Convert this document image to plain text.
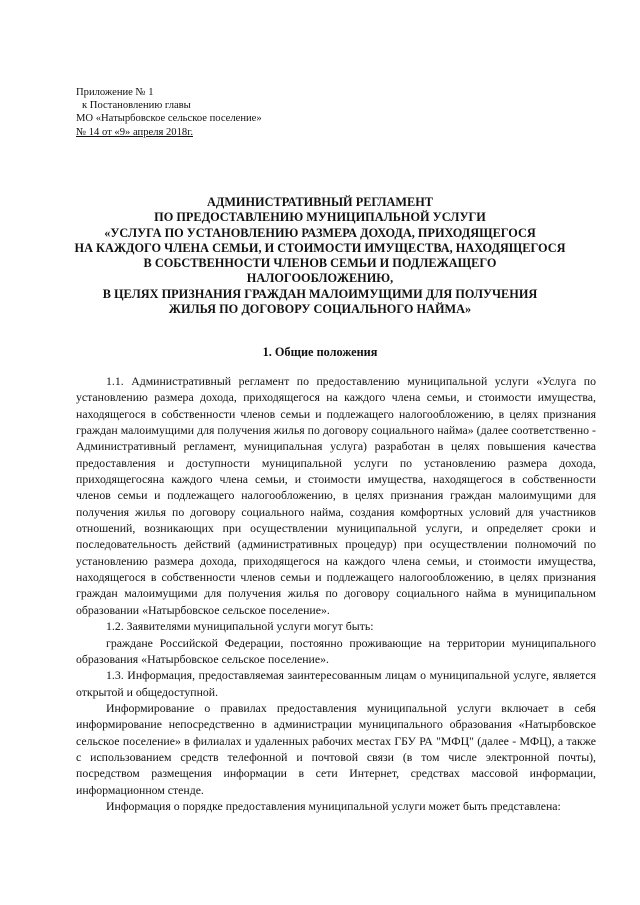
Приложение № 1
к Постановлению главы
МО «Натырбовское сельское поселение»
№ 14 от «9» апреля 2018г.
АДМИНИСТРАТИВНЫЙ РЕГЛАМЕНТ
ПО ПРЕДОСТАВЛЕНИЮ МУНИЦИПАЛЬНОЙ УСЛУГИ
«УСЛУГА ПО УСТАНОВЛЕНИЮ РАЗМЕРА ДОХОДА, ПРИХОДЯЩЕГОСЯ
НА КАЖДОГО ЧЛЕНА СЕМЬИ, И СТОИМОСТИ ИМУЩЕСТВА, НАХОДЯЩЕГОСЯ
В СОБСТВЕННОСТИ ЧЛЕНОВ СЕМЬИ И ПОДЛЕЖАЩЕГО
НАЛОГООБЛОЖЕНИЮ,
В ЦЕЛЯХ ПРИЗНАНИЯ ГРАЖДАН МАЛОИМУЩИМИ ДЛЯ ПОЛУЧЕНИЯ
ЖИЛЬЯ ПО ДОГОВОРУ СОЦИАЛЬНОГО НАЙМА»
1. Общие положения

1.1. Административный регламент по предоставлению муниципальной услуги «Услуга по установлению размера дохода, приходящегося на каждого члена семьи, и стоимости имущества, находящегося в собственности членов семьи и подлежащего налогообложению, в целях признания граждан малоимущими для получения жилья по договору социального найма» (далее соответственно - Административный регламент, муниципальная услуга) разработан в целях повышения качества предоставления и доступности муниципальной услуги по установлению размера дохода, приходящегосяна каждого члена семьи, и стоимости имущества, находящегося в собственности членов семьи и подлежащего налогообложению, в целях признания граждан малоимущими для получения жилья по договору социального найма, создания комфортных условий для участников отношений, возникающих при осуществлении муниципальной услуги, и определяет сроки и последовательность действий (административных процедур) при осуществлении полномочий по установлению размера дохода, приходящегося на каждого члена семьи, и стоимости имущества, находящегося в собственности членов семьи и подлежащего налогообложению, в целях признания граждан малоимущими для получения жилья по договору социального найма в муниципальном образовании «Натырбовское сельское поселение».

1.2. Заявителями муниципальной услуги могут быть:

граждане Российской Федерации, постоянно проживающие на территории муниципального образования «Натырбовское сельское поселение».

1.3. Информация, предоставляемая заинтересованным лицам о муниципальной услуге, является открытой и общедоступной.

Информирование о правилах предоставления муниципальной услуги включает в себя информирование непосредственно в администрации муниципального образования «Натырбовское сельское поселение» в филиалах и удаленных рабочих местах ГБУ РА "МФЦ" (далее - МФЦ), а также с использованием средств телефонной и почтовой связи (в том числе электронной почты), посредством размещения информации в сети Интернет, средствах массовой информации, информационном стенде.

Информация о порядке предоставления муниципальной услуги может быть представлена:
